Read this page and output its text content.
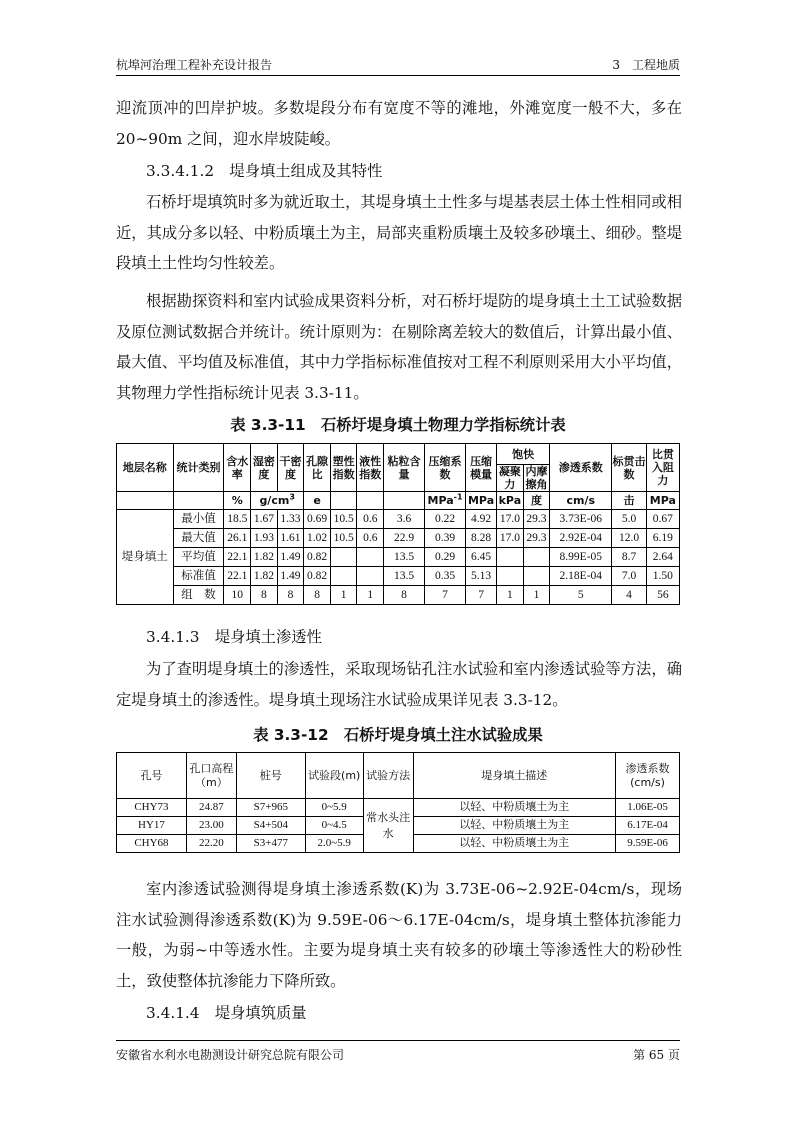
杭埠河治理工程补充设计报告	3　工程地质

迎流顶冲的凹岸护坡。多数堤段分布有宽度不等的滩地，外滩宽度一般不大，多在 20~90m 之间，迎水岸坡陡峻。

3.3.4.1.2　堤身填土组成及其特性

石桥圩堤填筑时多为就近取土，其堤身填土土性多与堤基表层土体土性相同或相近，其成分多以轻、中粉质壤土为主，局部夹重粉质壤土及较多砂壤土、细砂。整堤段填土土性均匀性较差。

根据勘探资料和室内试验成果资料分析，对石桥圩堤防的堤身填土土工试验数据及原位测试数据合并统计。统计原则为：在剔除离差较大的数值后，计算出最小值、最大值、平均值及标准值，其中力学指标标准值按对工程不利原则采用大小平均值，其物理力学性指标统计见表 3.3-11。

表 3.3-11　石桥圩堤身填土物理力学指标统计表

地层名称	统计类别	含水率	湿密度	干密度	孔隙比	塑性指数	液性指数	粘粒含量	压缩系数	压缩模量	饱快		渗透系数	标贯击数	比贯入阻力
											凝聚力	内摩擦角			
		%	$g/cm^3$		e				MPa$^{-1}$	MPa	kPa	度	cm/s	击	MPa
堤身填土	最小值	18.5	1.67	1.33	0.69	10.5	0.6	3.6	0.22	4.92	17.0	29.3	3.73E-06	5.0	0.67
	最大值	26.1	1.93	1.61	1.02	10.5	0.6	22.9	0.39	8.28	17.0	29.3	2.92E-04	12.0	6.19
	平均值	22.1	1.82	1.49	0.82			13.5	0.29	6.45			8.99E-05	8.7	2.64
	标准值	22.1	1.82	1.49	0.82			13.5	0.35	5.13			2.18E-04	7.0	1.50
	组　数	10	8	8	8	1	1	8	7	7	1	1	5	4	56

3.4.1.3　堤身填土渗透性

为了查明堤身填土的渗透性，采取现场钻孔注水试验和室内渗透试验等方法，确定堤身填土的渗透性。堤身填土现场注水试验成果详见表 3.3-12。

表 3.3-12　石桥圩堤身填土注水试验成果

孔号	孔口高程（m）	桩号	试验段(m)	试验方法	堤身填土描述	渗透系数(cm/s)
CHY73	24.87	S7+965	0~5.9	常水头注水	以轻、中粉质壤土为主	1.06E-05
HY17	23.00	S4+504	0~4.5		以轻、中粉质壤土为主	6.17E-04
CHY68	22.20	S3+477	2.0~5.9		以轻、中粉质壤土为主	9.59E-06

室内渗透试验测得堤身填土渗透系数(K)为 3.73E-06~2.92E-04cm/s，现场注水试验测得渗透系数(K)为 9.59E-06～6.17E-04cm/s，堤身填土整体抗渗能力一般，为弱~中等透水性。主要为堤身填土夹有较多的砂壤土等渗透性大的粉砂性土，致使整体抗渗能力下降所致。

3.4.1.4　堤身填筑质量

安徽省水利水电勘测设计研究总院有限公司	第 65 页
